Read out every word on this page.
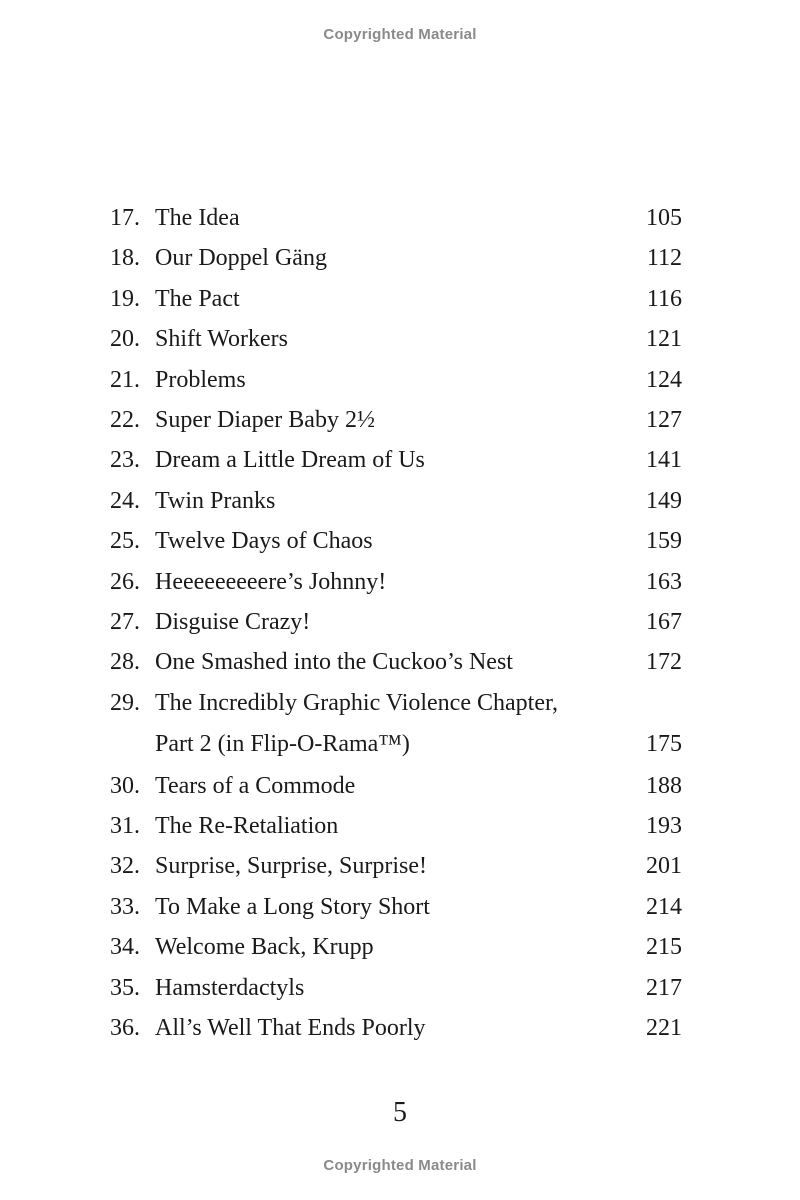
Copyrighted Material
17. The Idea	105
18. Our Doppel Gäng	112
19. The Pact	116
20. Shift Workers	121
21. Problems	124
22. Super Diaper Baby 2½	127
23. Dream a Little Dream of Us	141
24. Twin Pranks	149
25. Twelve Days of Chaos	159
26. Heeeeeeeeere’s Johnny!	163
27. Disguise Crazy!	167
28. One Smashed into the Cuckoo’s Nest	172
29. The Incredibly Graphic Violence Chapter,
Part 2 (in Flip-O-Rama™)	175
30. Tears of a Commode	188
31. The Re-Retaliation	193
32. Surprise, Surprise, Surprise!	201
33. To Make a Long Story Short	214
34. Welcome Back, Krupp	215
35. Hamsterdactyls	217
36. All’s Well That Ends Poorly	221
5
Copyrighted Material
